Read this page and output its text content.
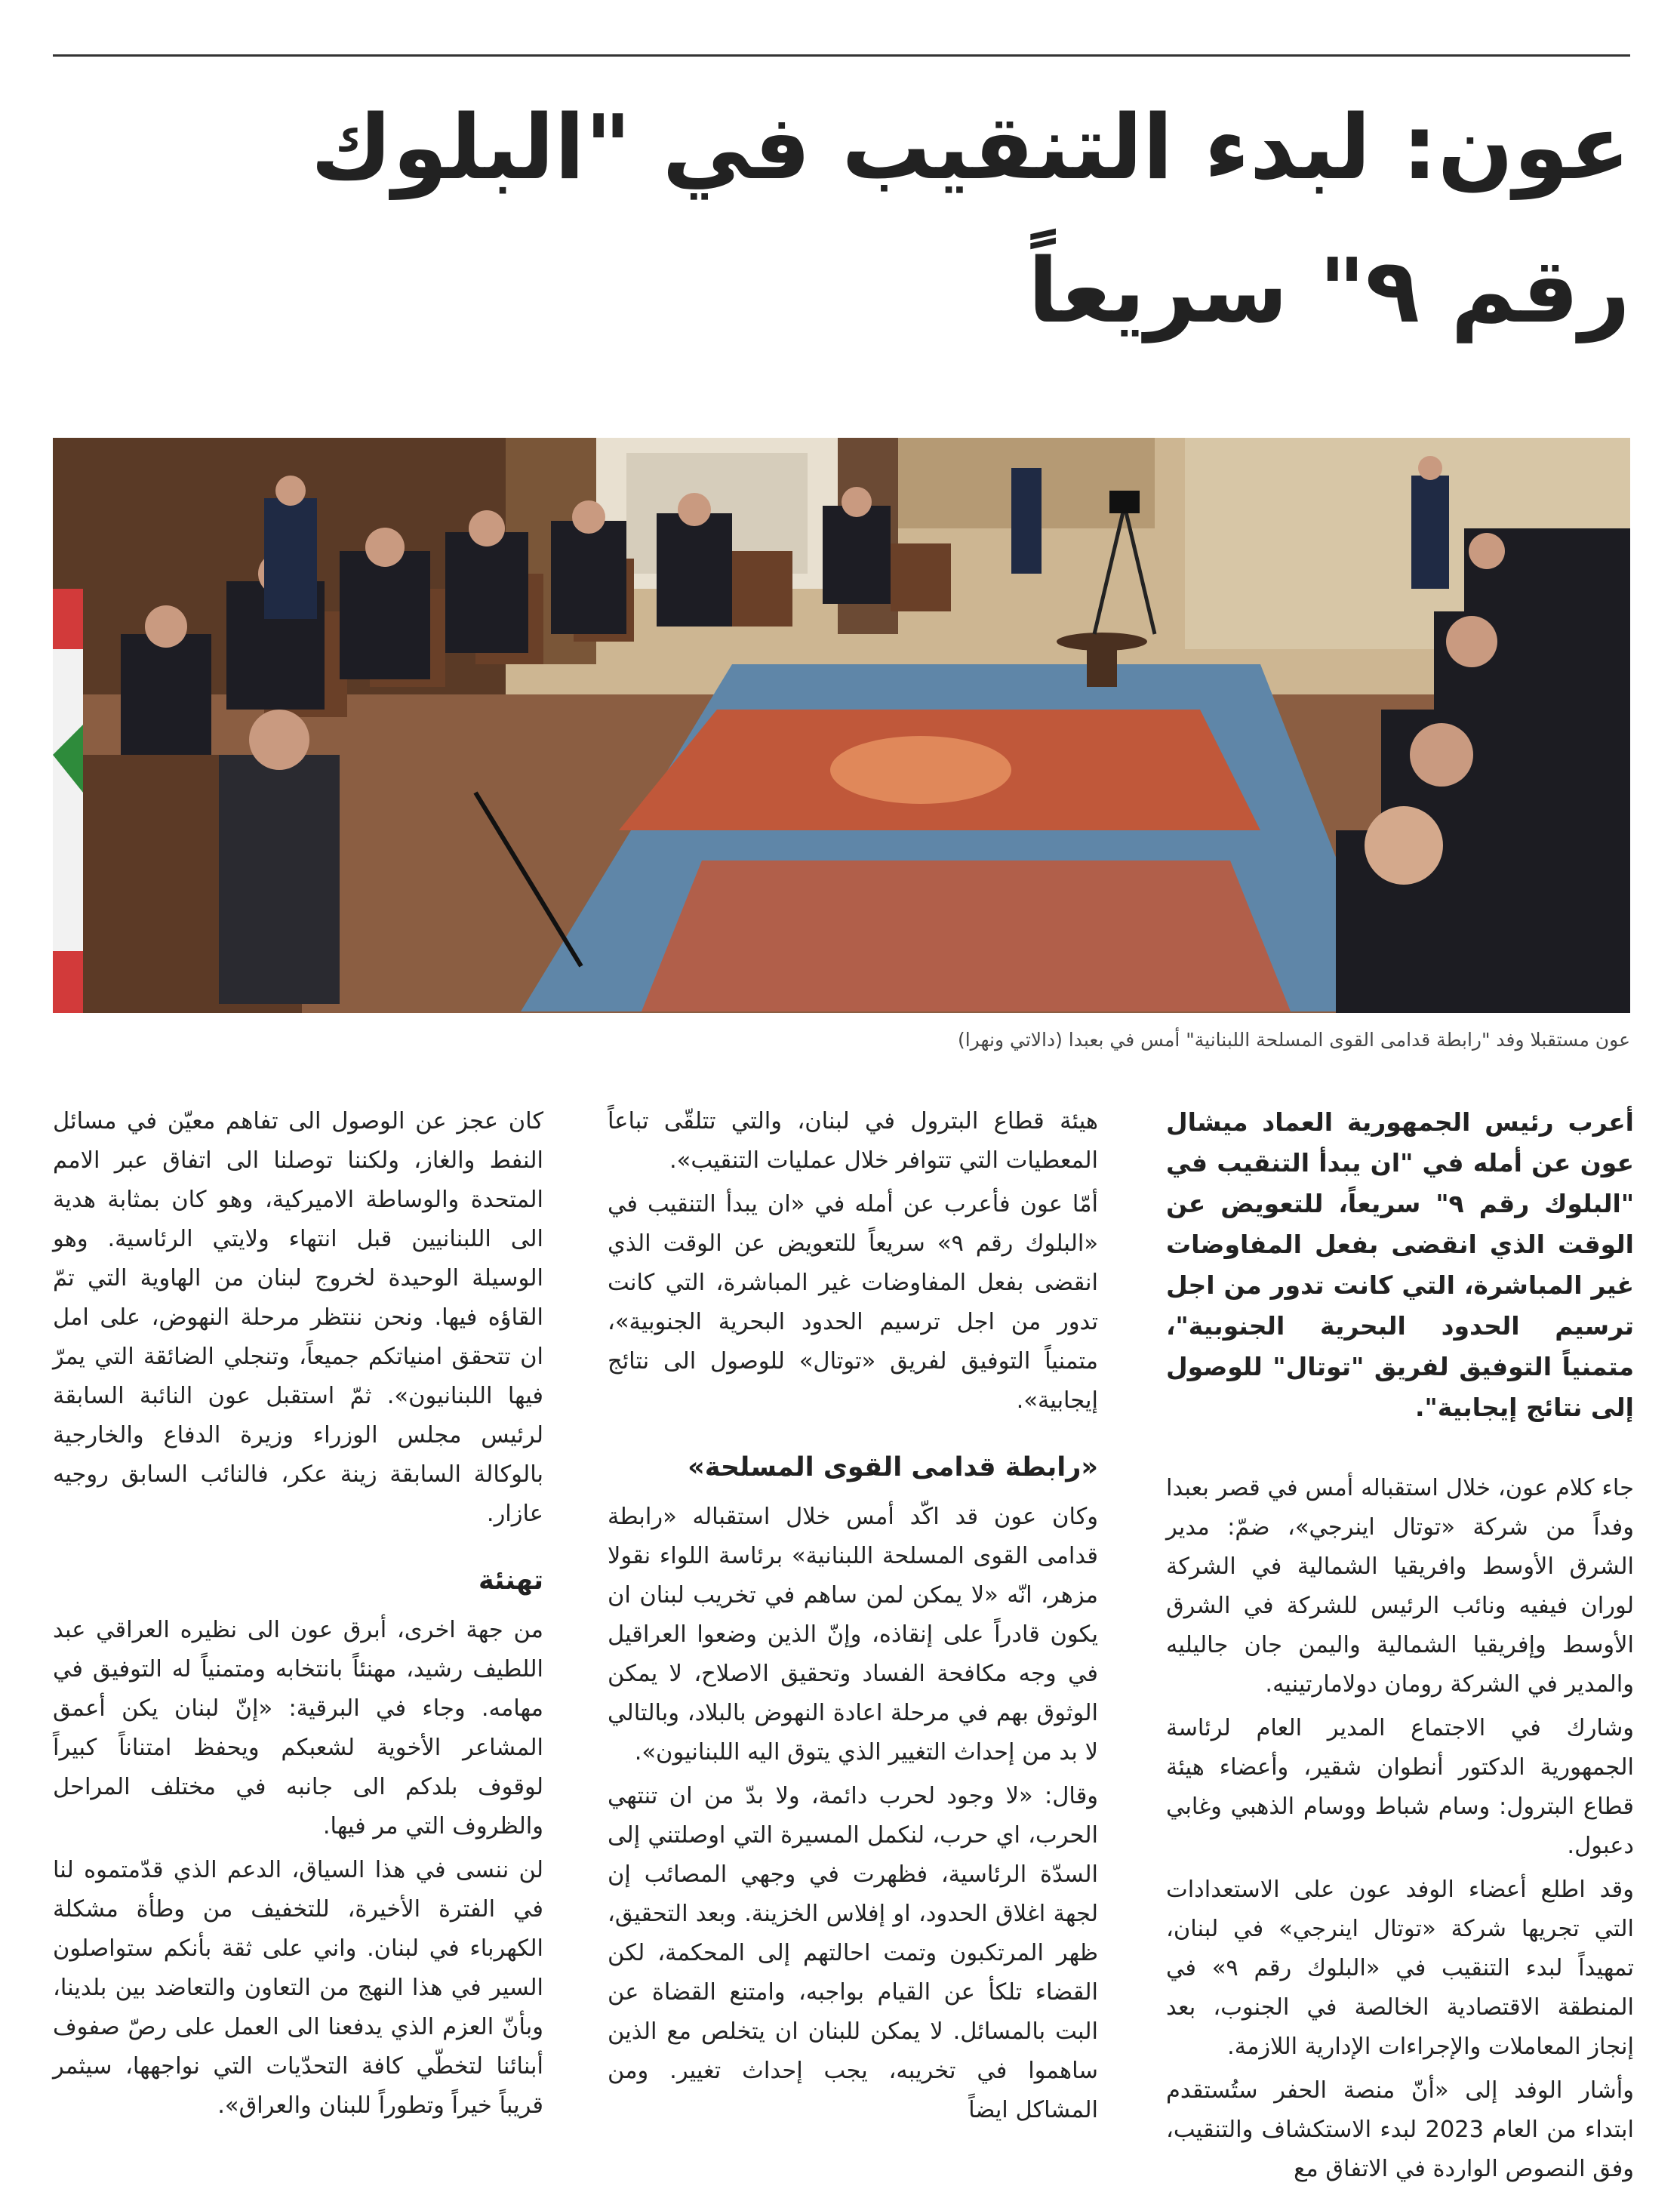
عون: لبدء التنقيب في "البلوك
رقم ٩" سريعاً
عون مستقبلا وفد "رابطة قدامى القوى المسلحة اللبنانية" أمس في بعبدا (دالاتي ونهرا)

أعرب رئيس الجمهورية العماد ميشال عون عن أمله في "ان يبدأ التنقيب في "البلوك رقم ٩" سريعاً، للتعويض عن الوقت الذي انقضى بفعل المفاوضات غير المباشرة، التي كانت تدور من اجل ترسيم الحدود البحرية الجنوبية"، متمنياً التوفيق لفريق "توتال" للوصول إلى نتائج إيجابية".

جاء كلام عون، خلال استقباله أمس في قصر بعبدا وفداً من شركة «توتال اينرجي»، ضمّ: مدير الشرق الأوسط وافريقيا الشمالية في الشركة لوران فيفيه ونائب الرئيس للشركة في الشرق الأوسط وإفريقيا الشمالية واليمن جان جاليليه والمدير في الشركة رومان دولامارتينيه.

وشارك في الاجتماع المدير العام لرئاسة الجمهورية الدكتور أنطوان شقير، وأعضاء هيئة قطاع البترول: وسام شباط ووسام الذهبي وغابي دعبول.

وقد اطلع أعضاء الوفد عون على الاستعدادات التي تجريها شركة «توتال اينرجي» في لبنان، تمهيداً لبدء التنقيب في «البلوك رقم ٩» في المنطقة الاقتصادية الخالصة في الجنوب، بعد إنجاز المعاملات والإجراءات الإدارية اللازمة.

وأشار الوفد إلى «أنّ منصة الحفر ستُستقدم ابتداء من العام 2023 لبدء الاستكشاف والتنقيب، وفق النصوص الواردة في الاتفاق مع

هيئة قطاع البترول في لبنان، والتي تتلقّى تباعاً المعطيات التي تتوافر خلال عمليات التنقيب».

أمّا عون فأعرب عن أمله في «ان يبدأ التنقيب في «البلوك رقم ٩» سريعاً للتعويض عن الوقت الذي انقضى بفعل المفاوضات غير المباشرة، التي كانت تدور من اجل ترسيم الحدود البحرية الجنوبية»، متمنياً التوفيق لفريق «توتال» للوصول الى نتائج إيجابية».

«رابطة قدامى القوى المسلحة»

وكان عون قد اكّد أمس خلال استقباله «رابطة قدامى القوى المسلحة اللبنانية» برئاسة اللواء نقولا مزهر، انّه «لا يمكن لمن ساهم في تخريب لبنان ان يكون قادراً على إنقاذه، وإنّ الذين وضعوا العراقيل في وجه مكافحة الفساد وتحقيق الاصلاح، لا يمكن الوثوق بهم في مرحلة اعادة النهوض بالبلاد، وبالتالي لا بد من إحداث التغيير الذي يتوق اليه اللبنانيون».

وقال: «لا وجود لحرب دائمة، ولا بدّ من ان تنتهي الحرب، اي حرب، لنكمل المسيرة التي اوصلتني إلى السدّة الرئاسية، فظهرت في وجهي المصائب إن لجهة اغلاق الحدود، او إفلاس الخزينة. وبعد التحقيق، ظهر المرتكبون وتمت احالتهم إلى المحكمة، لكن القضاء تلكأ عن القيام بواجبه، وامتنع القضاة عن البت بالمسائل. لا يمكن للبنان ان يتخلص مع الذين ساهموا في تخريبه، يجب إحداث تغيير. ومن المشاكل ايضاً

كان عجز عن الوصول الى تفاهم معيّن في مسائل النفط والغاز، ولكننا توصلنا الى اتفاق عبر الامم المتحدة والوساطة الاميركية، وهو كان بمثابة هدية الى اللبنانيين قبل انتهاء ولايتي الرئاسية. وهو الوسيلة الوحيدة لخروج لبنان من الهاوية التي تمّ القاؤه فيها. ونحن ننتظر مرحلة النهوض، على امل ان تتحقق امنياتكم جميعاً، وتنجلي الضائقة التي يمرّ فيها اللبنانيون». ثمّ استقبل عون النائبة السابقة لرئيس مجلس الوزراء وزيرة الدفاع والخارجية بالوكالة السابقة زينة عكر، فالنائب السابق روجيه عازار.

تهنئة

من جهة اخرى، أبرق عون الى نظيره العراقي عبد اللطيف رشيد، مهنئاً بانتخابه ومتمنياً له التوفيق في مهامه. وجاء في البرقية: «إنّ لبنان يكن أعمق المشاعر الأخوية لشعبكم ويحفظ امتناناً كبيراً لوقوف بلدكم الى جانبه في مختلف المراحل والظروف التي مر فيها.

لن ننسى في هذا السياق، الدعم الذي قدّمتموه لنا في الفترة الأخيرة، للتخفيف من وطأة مشكلة الكهرباء في لبنان. واني على ثقة بأنكم ستواصلون السير في هذا النهج من التعاون والتعاضد بين بلدينا، وبأنّ العزم الذي يدفعنا الى العمل على رصّ صفوف أبنائنا لتخطّي كافة التحدّيات التي نواجهها، سيثمر قريباً خيراً وتطوراً للبنان والعراق».
